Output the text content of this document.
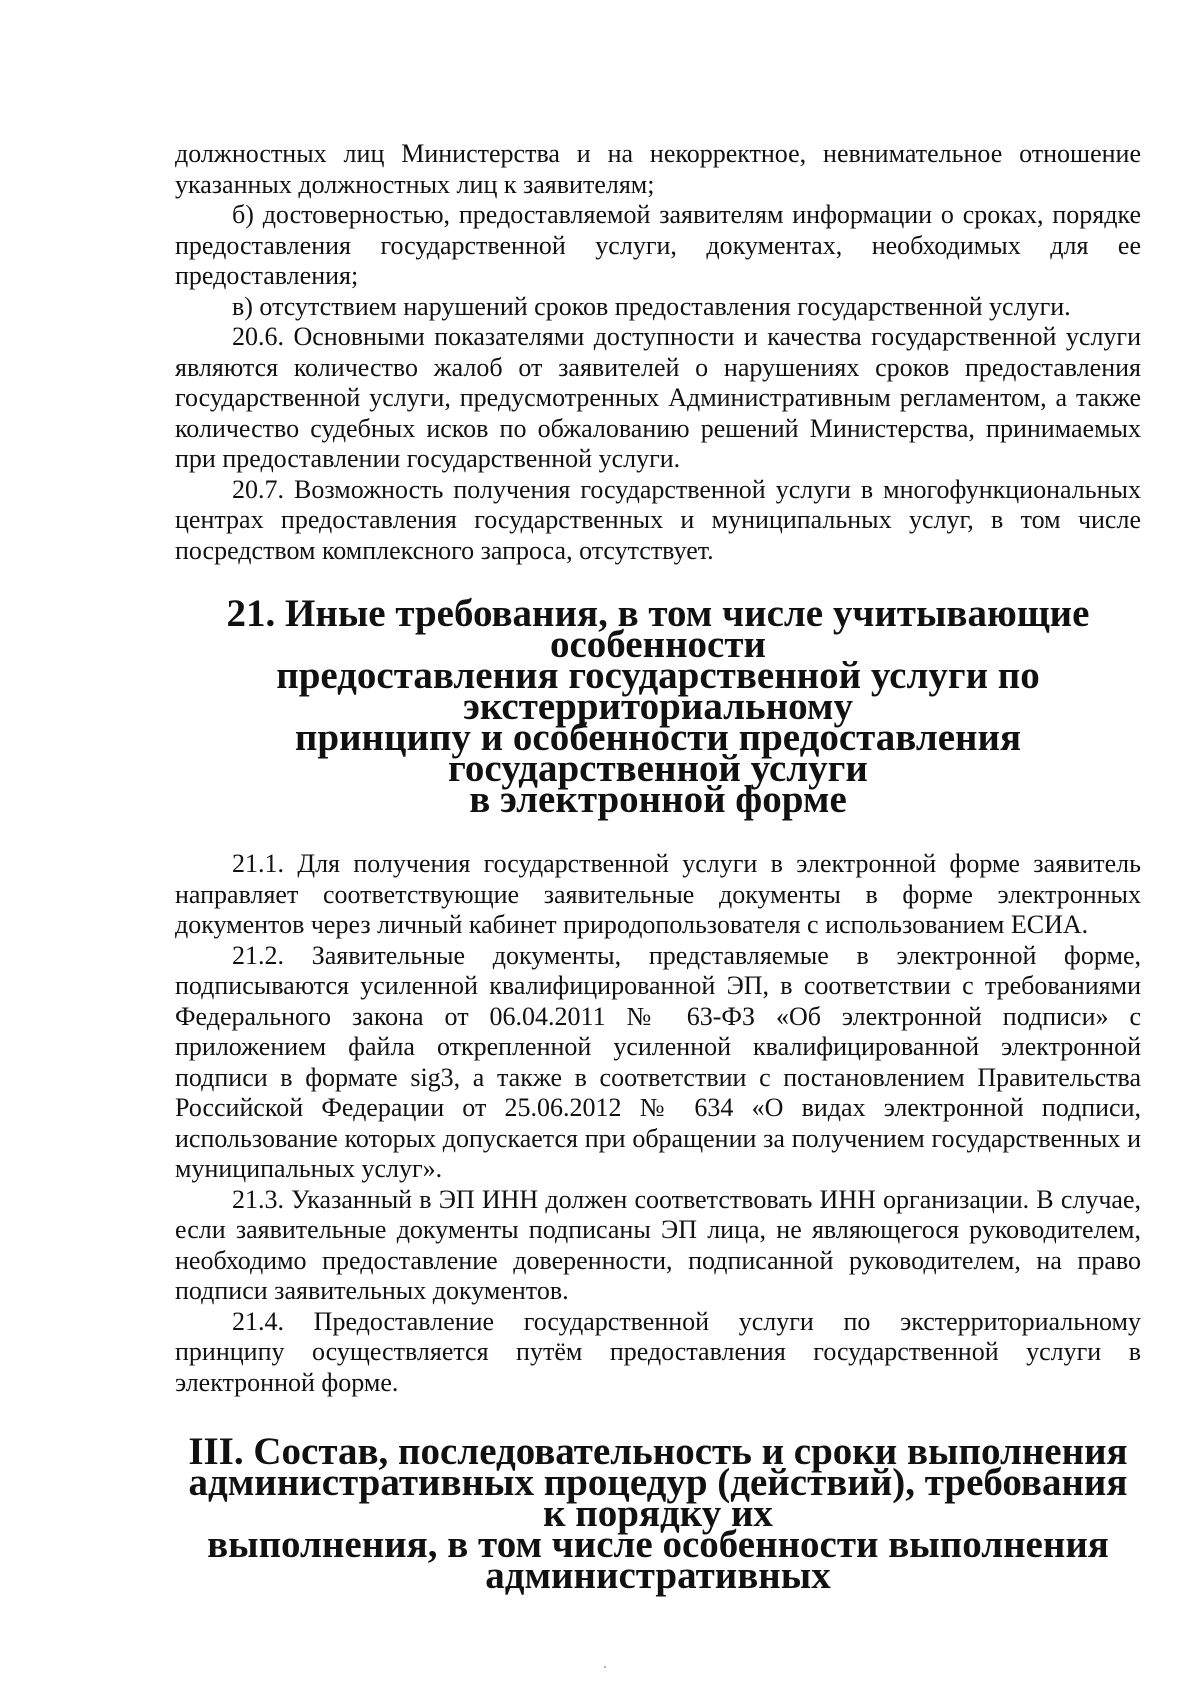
должностных лиц Министерства и на некорректное, невнимательное отношение указанных должностных лиц к заявителям;

б) достоверностью, предоставляемой заявителям информации о сроках, порядке предоставления государственной услуги, документах, необходимых для ее предоставления;

в) отсутствием нарушений сроков предоставления государственной услуги.

20.6. Основными показателями доступности и качества государственной услуги являются количество жалоб от заявителей о нарушениях сроков предоставления государственной услуги, предусмотренных Административным регламентом, а также количество судебных исков по обжалованию решений Министерства, принимаемых при предоставлении государственной услуги.

20.7. Возможность получения государственной услуги в многофункциональных центрах предоставления государственных и муниципальных услуг, в том числе посредством комплексного запроса, отсутствует.

21. Иные требования, в том числе учитывающие особенности
предоставления государственной услуги по экстерриториальному
принципу и особенности предоставления государственной услуги
в электронной форме

21.1. Для получения государственной услуги в электронной форме заявитель направляет соответствующие заявительные документы в форме электронных документов через личный кабинет природопользователя с использованием ЕСИА.

21.2. Заявительные документы, представляемые в электронной форме, подписываются усиленной квалифицированной ЭП, в соответствии с требованиями Федерального закона от 06.04.2011 № 63-ФЗ «Об электронной подписи» с приложением файла открепленной усиленной квалифицированной электронной подписи в формате sig3, а также в соответствии с постановлением Правительства Российской Федерации от 25.06.2012 № 634 «О видах электронной подписи, использование которых допускается при обращении за получением государственных и муниципальных услуг».

21.3. Указанный в ЭП ИНН должен соответствовать ИНН организации. В случае, если заявительные документы подписаны ЭП лица, не являющегося руководителем, необходимо предоставление доверенности, подписанной руководителем, на право подписи заявительных документов.

21.4. Предоставление государственной услуги по экстерриториальному принципу осуществляется путём предоставления государственной услуги в электронной форме.

III. Состав, последовательность и сроки выполнения
административных процедур (действий), требования к порядку их
выполнения, в том числе особенности выполнения административных
